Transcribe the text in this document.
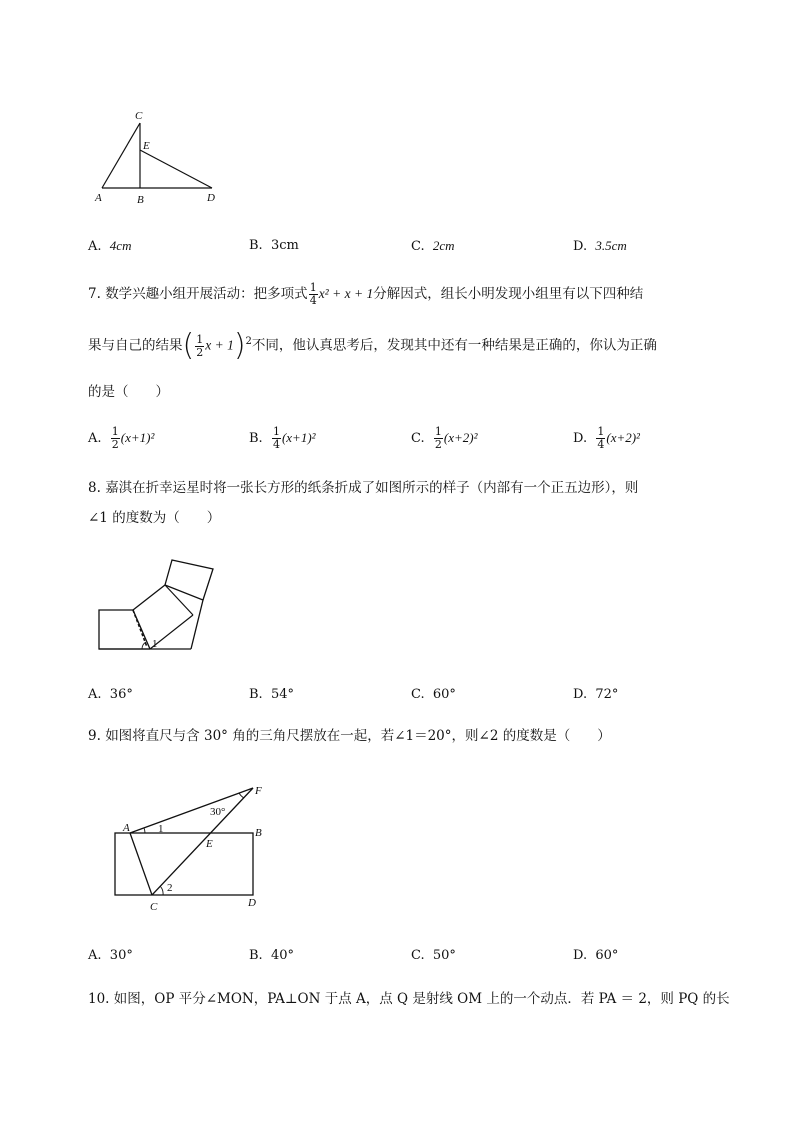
C
E
A	B	D
A. 4cm	B. 3cm	C. 2cm	D. 3.5cm
7. 数学兴趣小组开展活动：把多项式 $\frac{1}{4} x^2 + x + 1$分解因式，组长小明发现小组里有以下四种结
果与自己的结果( $\frac{1}{2}$ x + 1)$^2$不同，他认真思考后，发现其中还有一种结果是正确的，你认为正确
的是（　　）
A. $\frac{1}{2} (x+1)^2$	B. $\frac{1}{4} (x+1)^2$	C. $\frac{1}{2} (x+2)^2$	D. $\frac{1}{4} (x+2)^2$
8. 嘉淇在折幸运星时将一张长方形的纸条折成了如图所示的样子（内部有一个正五边形），则
∠1 的度数为（　　）
1
A. 36°	B. 54°	C. 60°	D. 72°
9. 如图将直尺与含 30° 角的三角尺摆放在一起，若∠1＝20°，则∠2 的度数是（　　）
A	B
C	D
E
F
30°
1
2
A. 30°	B. 40°	C. 50°	D. 60°
10. 如图，OP 平分∠MON，PA⊥ON 于点 A，点 Q 是射线 OM 上的一个动点．若 PA ＝ 2，则 PQ 的长
